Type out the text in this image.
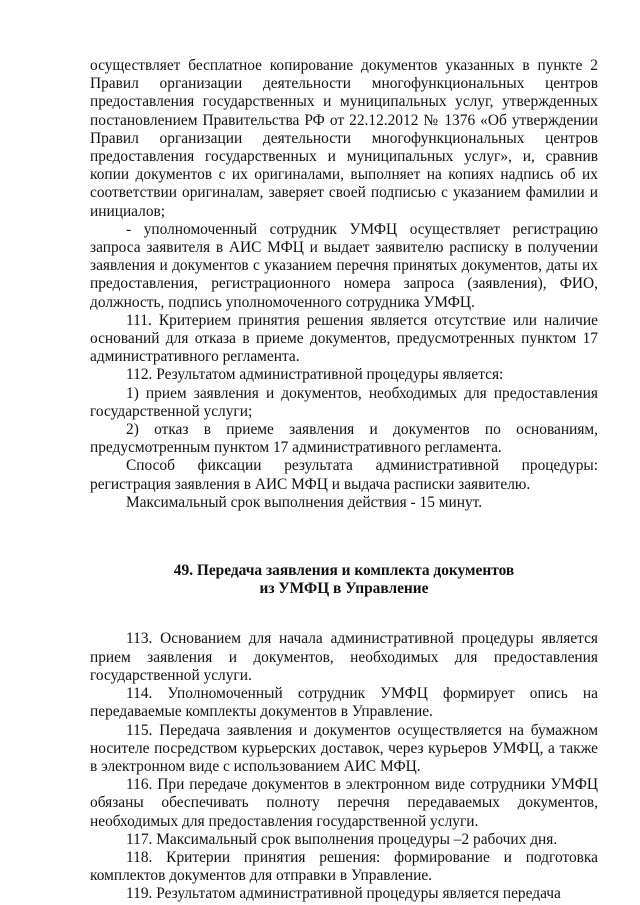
осуществляет бесплатное копирование документов указанных в пункте 2 Правил организации деятельности многофункциональных центров предоставления государственных и муниципальных услуг, утвержденных постановлением Правительства РФ от 22.12.2012 № 1376 «Об утверждении Правил организации деятельности многофункциональных центров предоставления государственных и муниципальных услуг», и, сравнив копии документов с их оригиналами, выполняет на копиях надпись об их соответствии оригиналам, заверяет своей подписью с указанием фамилии и инициалов;

- уполномоченный сотрудник УМФЦ осуществляет регистрацию запроса заявителя в АИС МФЦ и выдает заявителю расписку в получении заявления и документов с указанием перечня принятых документов, даты их предоставления, регистрационного номера запроса (заявления), ФИО, должность, подпись уполномоченного сотрудника УМФЦ.

111. Критерием принятия решения является отсутствие или наличие оснований для отказа в приеме документов, предусмотренных пунктом 17 административного регламента.

112. Результатом административной процедуры является:

1) прием заявления и документов, необходимых для предоставления государственной услуги;

2) отказ в приеме заявления и документов по основаниям, предусмотренным пунктом 17 административного регламента.

Способ фиксации результата административной процедуры: регистрация заявления в АИС МФЦ и выдача расписки заявителю.

Максимальный срок выполнения действия - 15 минут.

49. Передача заявления и комплекта документов
из УМФЦ в Управление

113. Основанием для начала административной процедуры является прием заявления и документов, необходимых для предоставления государственной услуги.

114. Уполномоченный сотрудник УМФЦ формирует опись на передаваемые комплекты документов в Управление.

115. Передача заявления и документов осуществляется на бумажном носителе посредством курьерских доставок, через курьеров УМФЦ, а также в электронном виде с использованием АИС МФЦ.

116. При передаче документов в электронном виде сотрудники УМФЦ обязаны обеспечивать полноту перечня передаваемых документов, необходимых для предоставления государственной услуги.

117. Максимальный срок выполнения процедуры –2 рабочих дня.

118. Критерии принятия решения: формирование и подготовка комплектов документов для отправки в Управление.

119. Результатом административной процедуры является передача
